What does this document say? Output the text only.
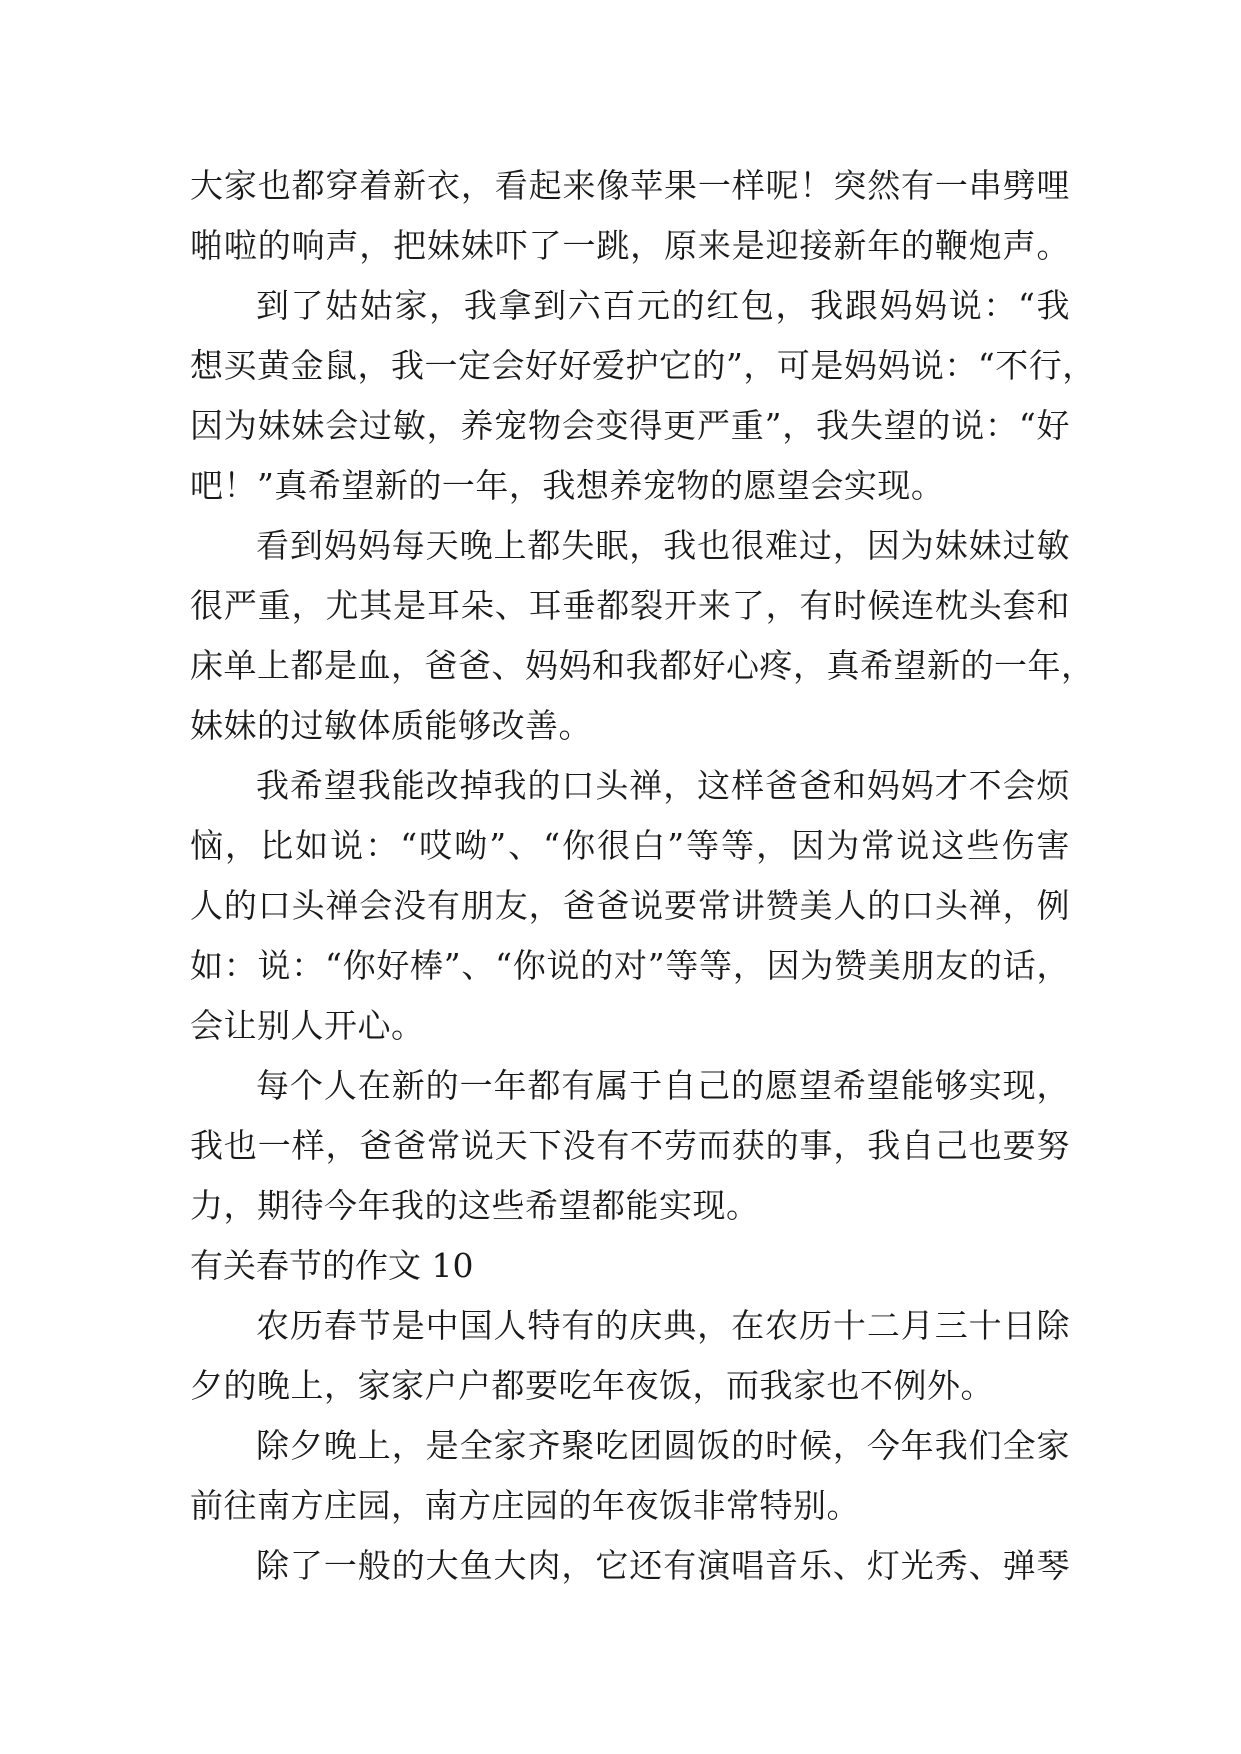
大家也都穿着新衣，看起来像苹果一样呢！突然有一串劈哩
啪啦的响声，把妹妹吓了一跳，原来是迎接新年的鞭炮声。
到了姑姑家，我拿到六百元的红包，我跟妈妈说：“我
想买黄金鼠，我一定会好好爱护它的”，可是妈妈说：“不行，
因为妹妹会过敏，养宠物会变得更严重”，我失望的说：“好
吧！”真希望新的一年，我想养宠物的愿望会实现。
看到妈妈每天晚上都失眠，我也很难过，因为妹妹过敏
很严重，尤其是耳朵、耳垂都裂开来了，有时候连枕头套和
床单上都是血，爸爸、妈妈和我都好心疼，真希望新的一年，
妹妹的过敏体质能够改善。
我希望我能改掉我的口头禅，这样爸爸和妈妈才不会烦
恼，比如说：“哎呦”、“你很白”等等，因为常说这些伤害
人的口头禅会没有朋友，爸爸说要常讲赞美人的口头禅，例
如：说：“你好棒”、“你说的对”等等，因为赞美朋友的话，
会让别人开心。
每个人在新的一年都有属于自己的愿望希望能够实现，
我也一样，爸爸常说天下没有不劳而获的事，我自己也要努
力，期待今年我的这些希望都能实现。
有关春节的作文 10
农历春节是中国人特有的庆典，在农历十二月三十日除
夕的晚上，家家户户都要吃年夜饭，而我家也不例外。
除夕晚上，是全家齐聚吃团圆饭的时候，今年我们全家
前往南方庄园，南方庄园的年夜饭非常特别。
除了一般的大鱼大肉，它还有演唱音乐、灯光秀、弹琴
